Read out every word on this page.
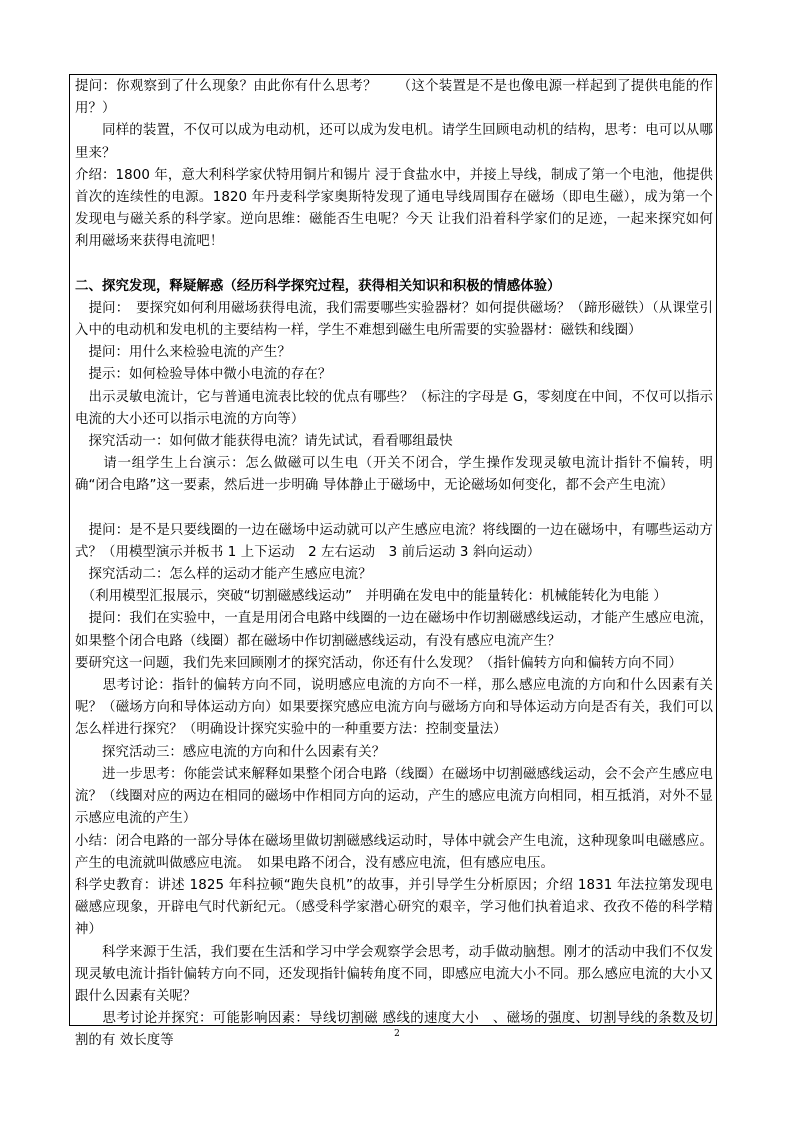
提问：你观察到了什么现象？由此你有什么思考？　　（这个装置是不是也像电源一样起到了提供电能的作用？）

　　同样的装置，不仅可以成为电动机，还可以成为发电机。请学生回顾电动机的结构，思考：电可以从哪里来？

介绍：1800 年，意大利科学家伏特用铜片和锡片 浸于食盐水中，并接上导线，制成了第一个电池，他提供首次的连续性的电源。1820 年丹麦科学家奥斯特发现了通电导线周围存在磁场（即电生磁），成为第一个发现电与磁关系的科学家。逆向思维：磁能否生电呢？今天 让我们沿着科学家们的足迹，一起来探究如何利用磁场来获得电流吧！

二、探究发现，释疑解惑（经历科学探究过程，获得相关知识和积极的情感体验）

　提问：　要探究如何利用磁场获得电流，我们需要哪些实验器材？如何提供磁场？（蹄形磁铁）（从课堂引入中的电动机和发电机的主要结构一样，学生不难想到磁生电所需要的实验器材：磁铁和线圈）

　提问：用什么来检验电流的产生？

　提示：如何检验导体中微小电流的存在？

　出示灵敏电流计，它与普通电流表比较的优点有哪些？（标注的字母是 G，零刻度在中间，不仅可以指示电流的大小还可以指示电流的方向等）

　探究活动一：如何做才能获得电流？请先试试，看看哪组最快

　　请一组学生上台演示：怎么做磁可以生电（开关不闭合，学生操作发现灵敏电流计指针不偏转，明确“闭合电路”这一要素，然后进一步明确 导体静止于磁场中，无论磁场如何变化，都不会产生电流）

　提问：是不是只要线圈的一边在磁场中运动就可以产生感应电流？将线圈的一边在磁场中，有哪些运动方式？（用模型演示并板书 1 上下运动　2 左右运动　3 前后运动 3 斜向运动）

　探究活动二：怎么样的运动才能产生感应电流？

　（利用模型汇报展示，突破“切割磁感线运动”　并明确在发电中的能量转化：机械能转化为电能 ）

　提问：我们在实验中，一直是用闭合电路中线圈的一边在磁场中作切割磁感线运动，才能产生感应电流，如果整个闭合电路（线圈）都在磁场中作切割磁感线运动，有没有感应电流产生？

要研究这一问题，我们先来回顾刚才的探究活动，你还有什么发现？（指针偏转方向和偏转方向不同）

　　思考讨论：指针的偏转方向不同，说明感应电流的方向不一样，那么感应电流的方向和什么因素有关呢？（磁场方向和导体运动方向）如果要探究感应电流方向与磁场方向和导体运动方向是否有关，我们可以怎么样进行探究？（明确设计探究实验中的一种重要方法：控制变量法）

　　探究活动三：感应电流的方向和什么因素有关？

　　进一步思考：你能尝试来解释如果整个闭合电路（线圈）在磁场中切割磁感线运动，会不会产生感应电流？（线圈对应的两边在相同的磁场中作相同方向的运动，产生的感应电流方向相同，相互抵消，对外不显示感应电流的产生）

小结：闭合电路的一部分导体在磁场里做切割磁感线运动时，导体中就会产生电流，这种现象叫电磁感应。产生的电流就叫做感应电流。　如果电路不闭合，没有感应电流，但有感应电压。

科学史教育：讲述 1825 年科拉顿“跑失良机”的故事，并引导学生分析原因；介绍 1831 年法拉第发现电磁感应现象，开辟电气时代新纪元。（感受科学家潜心研究的艰辛，学习他们执着追求、孜孜不倦的科学精神）

　　科学来源于生活，我们要在生活和学习中学会观察学会思考，动手做动脑想。刚才的活动中我们不仅发现灵敏电流计指针偏转方向不同，还发现指针偏转角度不同，即感应电流大小不同。那么感应电流的大小又跟什么因素有关呢？

　　思考讨论并探究：可能影响因素：导线切割磁 感线的速度大小　、磁场的强度、切割导线的条数及切割的有 效长度等	2
